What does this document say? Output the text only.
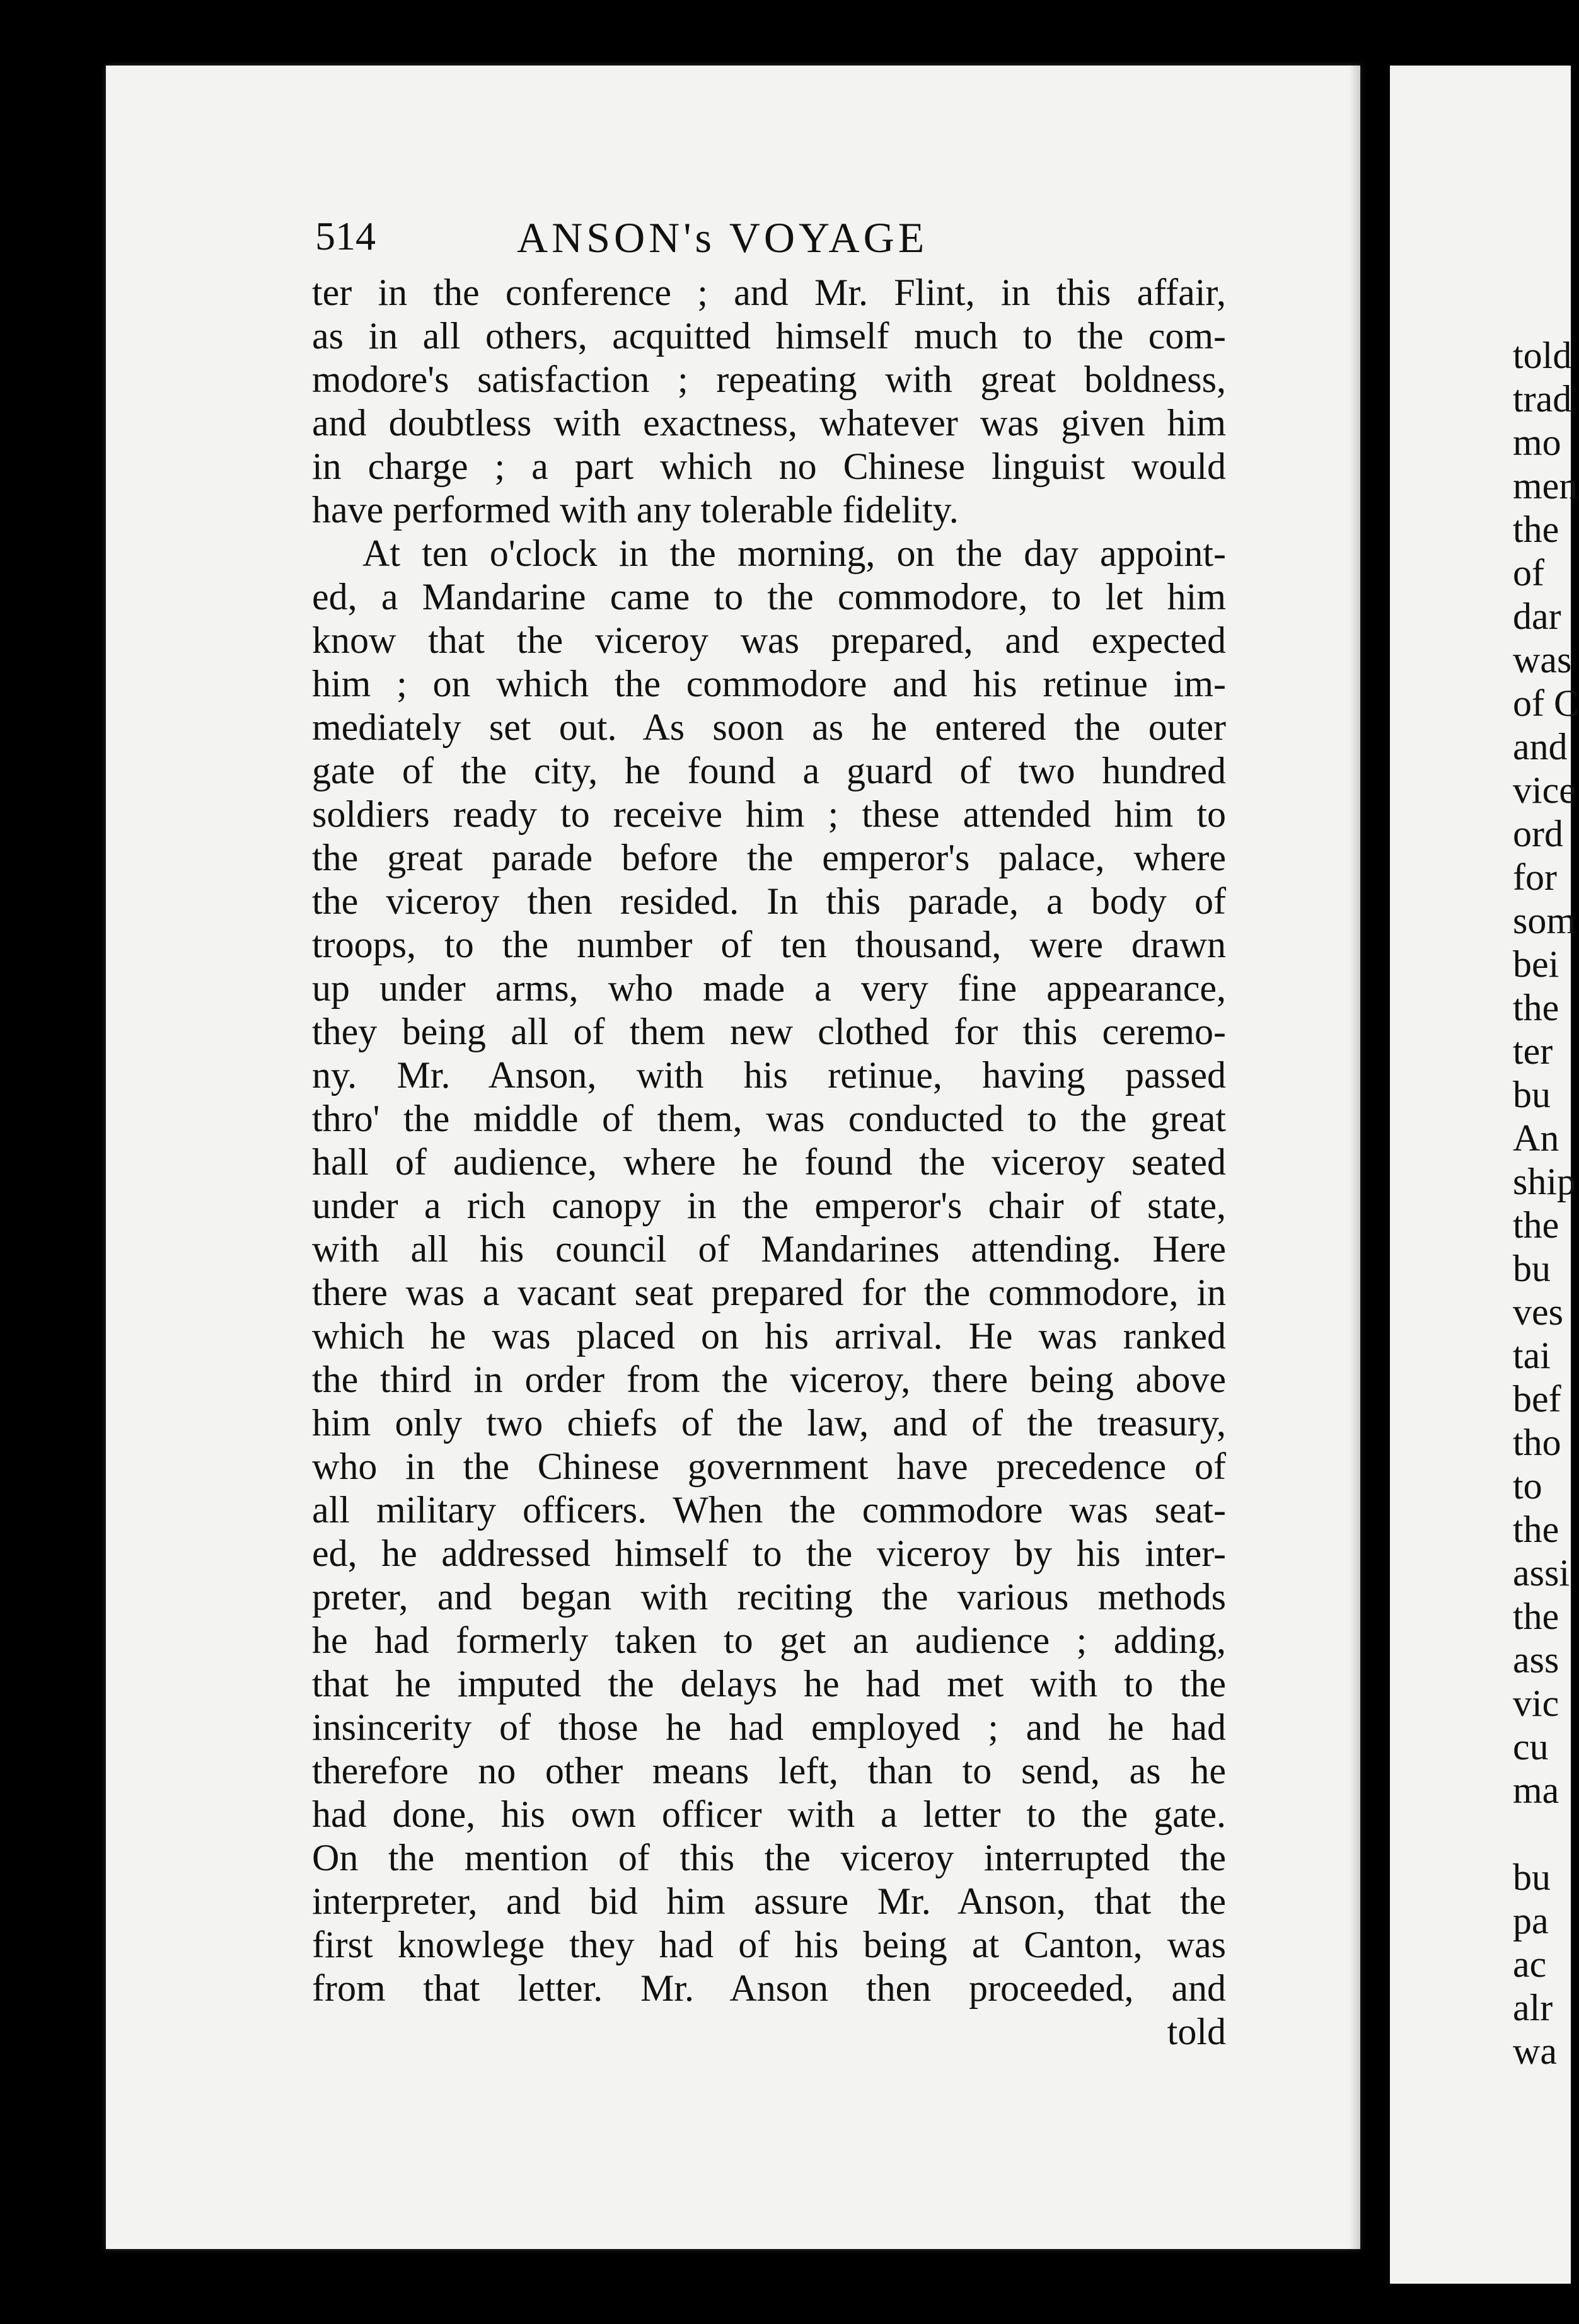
514	ANSON's VOYAGE
ter in the conference ; and Mr. Flint, in this affair,
as in all others, acquitted himself much to the com-
modore's satisfaction ; repeating with great boldness,
and doubtless with exactness, whatever was given him
in charge ; a part which no Chinese linguist would
have performed with any tolerable fidelity.
At ten o'clock in the morning, on the day appoint-
ed, a Mandarine came to the commodore, to let him
know that the viceroy was prepared, and expected
him ; on which the commodore and his retinue im-
mediately set out. As soon as he entered the outer
gate of the city, he found a guard of two hundred
soldiers ready to receive him ; these attended him to
the great parade before the emperor's palace, where
the viceroy then resided. In this parade, a body of
troops, to the number of ten thousand, were drawn
up under arms, who made a very fine appearance,
they being all of them new clothed for this ceremo-
ny. Mr. Anson, with his retinue, having passed
thro' the middle of them, was conducted to the great
hall of audience, where he found the viceroy seated
under a rich canopy in the emperor's chair of state,
with all his council of Mandarines attending. Here
there was a vacant seat prepared for the commodore, in
which he was placed on his arrival. He was ranked
the third in order from the viceroy, there being above
him only two chiefs of the law, and of the treasury,
who in the Chinese government have precedence of
all military officers. When the commodore was seat-
ed, he addressed himself to the viceroy by his inter-
preter, and began with reciting the various methods
he had formerly taken to get an audience ; adding,
that he imputed the delays he had met with to the
insincerity of those he had employed ; and he had
therefore no other means left, than to send, as he
had done, his own officer with a letter to the gate.
On the mention of this the viceroy interrupted the
interpreter, and bid him assure Mr. Anson, that the
first knowlege they had of his being at Canton, was
from that letter. Mr. Anson then proceeded, and
told
told
trad
mo
men
the
of
dar
was
of C
and
vice
ord
for
som
bei
the
ter
bu
An
ship
the
bu
ves
tai
bef
tho
to
the
assi
the
ass
vic
cu
ma
bu
pa
ac
alr
wa
